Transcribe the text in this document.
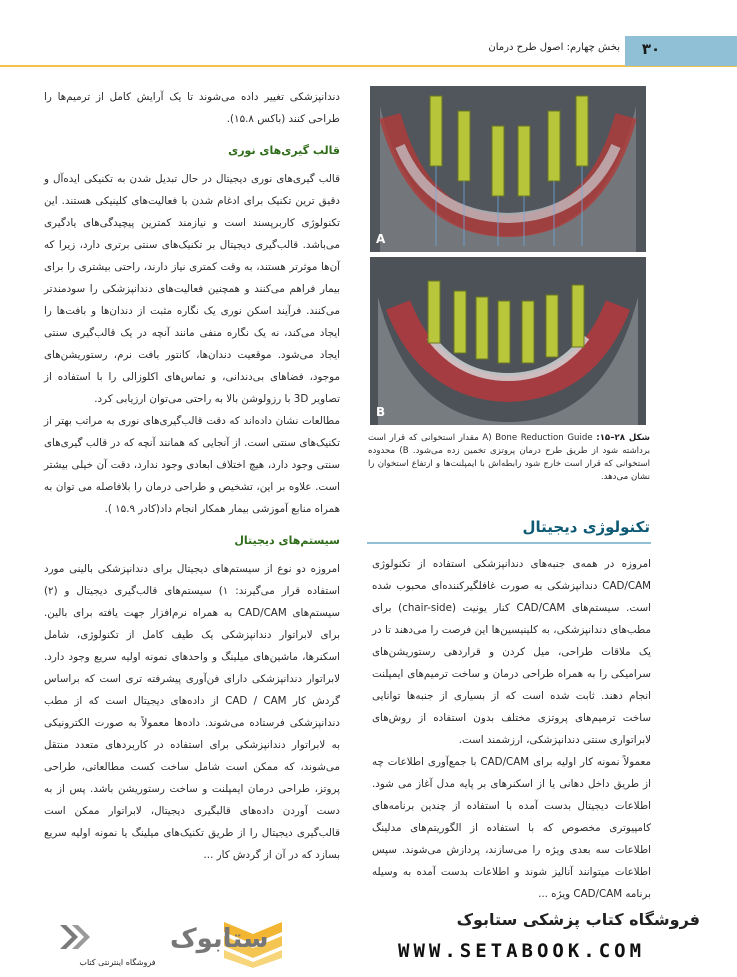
۳۰
بخش چهارم: اصول طرح درمان

دندانپزشکی تغییر داده می‌شوند تا یک آرایش کامل از ترمیم‌ها را طراحی کنند (باکس ۱۵.۸).

قالب گیری‌های نوری

قالب گیری‌های نوری دیجیتال در حال تبدیل شدن به تکنیکی ایده‌آل و دقیق ترین تکنیک برای ادغام شدن با فعالیت‌های کلینیکی هستند. این تکنولوژی کاربرپسند است و نیازمند کمترین پیچیدگی‌های یادگیری می‌باشد. قالب‌گیری دیجیتال بر تکنیک‌های سنتی برتری دارد، زیرا که آن‌ها موثرتر هستند، به وقت کمتری نیاز دارند، راحتی بیشتری را برای بیمار فراهم می‌کنند و همچنین فعالیت‌های دندانپزشکی را سودمندتر می‌کنند. فرآیند اسکن نوری یک نگاره مثبت از دندان‌ها و بافت‌ها را ایجاد می‌کند، نه یک نگاره منفی مانند آنچه در یک قالب‌گیری سنتی ایجاد می‌شود. موقعیت دندان‌ها، کانتور بافت نرم، رستوریشن‌های موجود، فضاهای بی‌دندانی، و تماس‌های اکلوزالی را با استفاده از تصاویر 3D با رزولوشن بالا به راحتی می‌توان ارزیابی کرد.

مطالعات نشان داده‌اند که دقت قالب‌گیری‌های نوری به مراتب بهتر از تکنیک‌های سنتی است. از آنجایی که همانند آنچه که در قالب گیری‌های سنتی وجود دارد، هیچ اختلاف ابعادی وجود ندارد، دقت آن خیلی بیشتر است. علاوه بر این، تشخیص و طراحی درمان را بلافاصله می توان به همراه منابع آموزشی بیمار همکار انجام داد(کادر ۱۵.۹ ).

سیستم‌های دیجیتال

امروزه دو نوع از سیستم‌های دیجیتال برای دندانپزشکی بالینی مورد استفاده قرار می‌گیرند: ۱) سیستم‌های قالب‌گیری دیجیتال و (۲) سیستم‌های CAD/CAM به همراه نرم‌افزار جهت یافته برای بالین. برای لابراتوار دندانپزشکی یک طیف کامل از تکنولوژی، شامل اسکنرها، ماشین‌های میلینگ و واحدهای نمونه اولیه سریع وجود دارد. لابراتوار دندانپزشکی دارای فن‌آوری پیشرفته تری است که براساس گردش کار CAD / CAM از داده‌های دیجیتال است که از مطب دندانپزشکی فرستاده می‌شوند. داده‌ها معمولاً به صورت الکترونیکی به لابراتوار دندانپزشکی برای استفاده در کاربردهای متعدد منتقل می‌شوند، که ممکن است شامل ساخت کست مطالعاتی، طراحی پروتز، طراحی درمان ایمپلنت و ساخت رستوریشن باشد. پس از به دست آوردن داده‌های قالبگیری دیجیتال، لابراتوار ممکن است قالب‌گیری دیجیتال را از طریق تکنیک‌های میلینگ یا نمونه اولیه سریع بسازد که در آن از گردش کار ...

A
B
شکل ۲۸–۱۵: A) Bone Reduction Guide مقدار استخوانی که قرار است برداشته شود از طریق طرح درمان پروتزی تخمین زده می‌شود. B) محدوده استخوانی که قرار است خارج شود رابطه‌اش با ایمپلنت‌ها و ارتفاع استخوان را نشان می‌دهد.
تکنولوژی دیجیتال

امروزه در همه‌ی جنبه‌های دندانپزشکی استفاده از تکنولوژی CAD/CAM دندانپزشکی به صورت غافلگیرکننده‌ای محبوب شده است. سیستم‌های CAD/CAM کنار یونیت (chair-side) برای مطب‌های دندانپزشکی، به کلینیسین‌ها این فرصت را می‌دهند تا در یک ملاقات طراحی، میل کردن و قراردهی رستوریشن‌های سرامیکی را به همراه طراحی درمان و ساخت ترمیم‌های ایمپلنت انجام دهند. ثابت شده است که از بسیاری از جنبه‌ها توانایی ساخت ترمیم‌های پروتزی مختلف بدون استفاده از روش‌های لابراتواری سنتی دندانپزشکی، ارزشمند است.

معمولاً نمونه کار اولیه برای CAD/CAM با جمع‌آوری اطلاعات چه از طریق داخل دهانی یا از اسکنرهای بر پایه مدل آغاز می شود. اطلاعات دیجیتال بدست آمده با استفاده از چندین برنامه‌های کامپیوتری مخصوص که با استفاده از الگوریتم‌های مدلینگ اطلاعات سه بعدی ویژه را می‌سازند، پردازش می‌شوند. سپس اطلاعات میتوانند آنالیز شوند و اطلاعات بدست آمده به وسیله برنامه CAD/CAM ویژه ...

فروشگاه کتاب پزشکی ستابوک
WWW.SETABOOK.COM
ستابوک
فروشگاه اینترنتی کتاب
